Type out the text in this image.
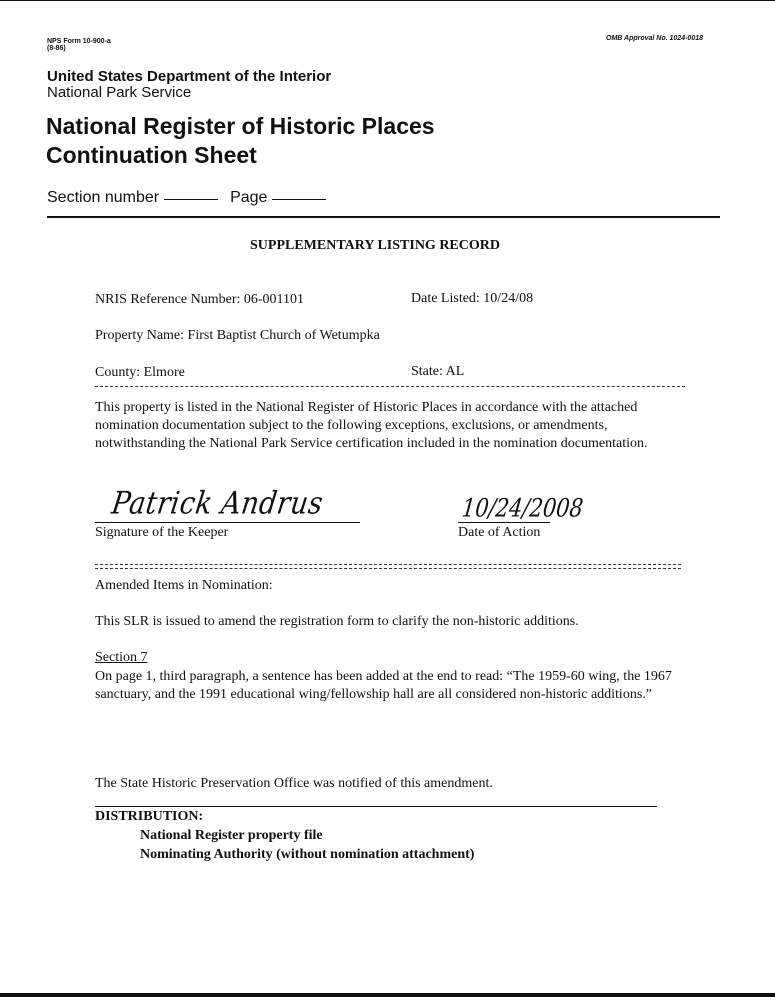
NPS Form 10-900-a
(8-86)
OMB Approval No. 1024-0018
United States Department of the Interior
National Park Service
National Register of Historic Places
Continuation Sheet
Section number	Page
SUPPLEMENTARY LISTING RECORD
NRIS Reference Number: 06-001101	Date Listed: 10/24/08
Property Name: First Baptist Church of Wetumpka
County: Elmore	State: AL
This property is listed in the National Register of Historic Places in accordance with the attached nomination documentation subject to the following exceptions, exclusions, or amendments, notwithstanding the National Park Service certification included in the nomination documentation.
Patrick Andrus
Signature of the Keeper
10/24/2008
Date of Action
Amended Items in Nomination:
This SLR is issued to amend the registration form to clarify the non-historic additions.
Section 7
On page 1, third paragraph, a sentence has been added at the end to read: “The 1959-60 wing, the 1967 sanctuary, and the 1991 educational wing/fellowship hall are all considered non-historic additions.”
The State Historic Preservation Office was notified of this amendment.
DISTRIBUTION:
National Register property file
Nominating Authority (without nomination attachment)
